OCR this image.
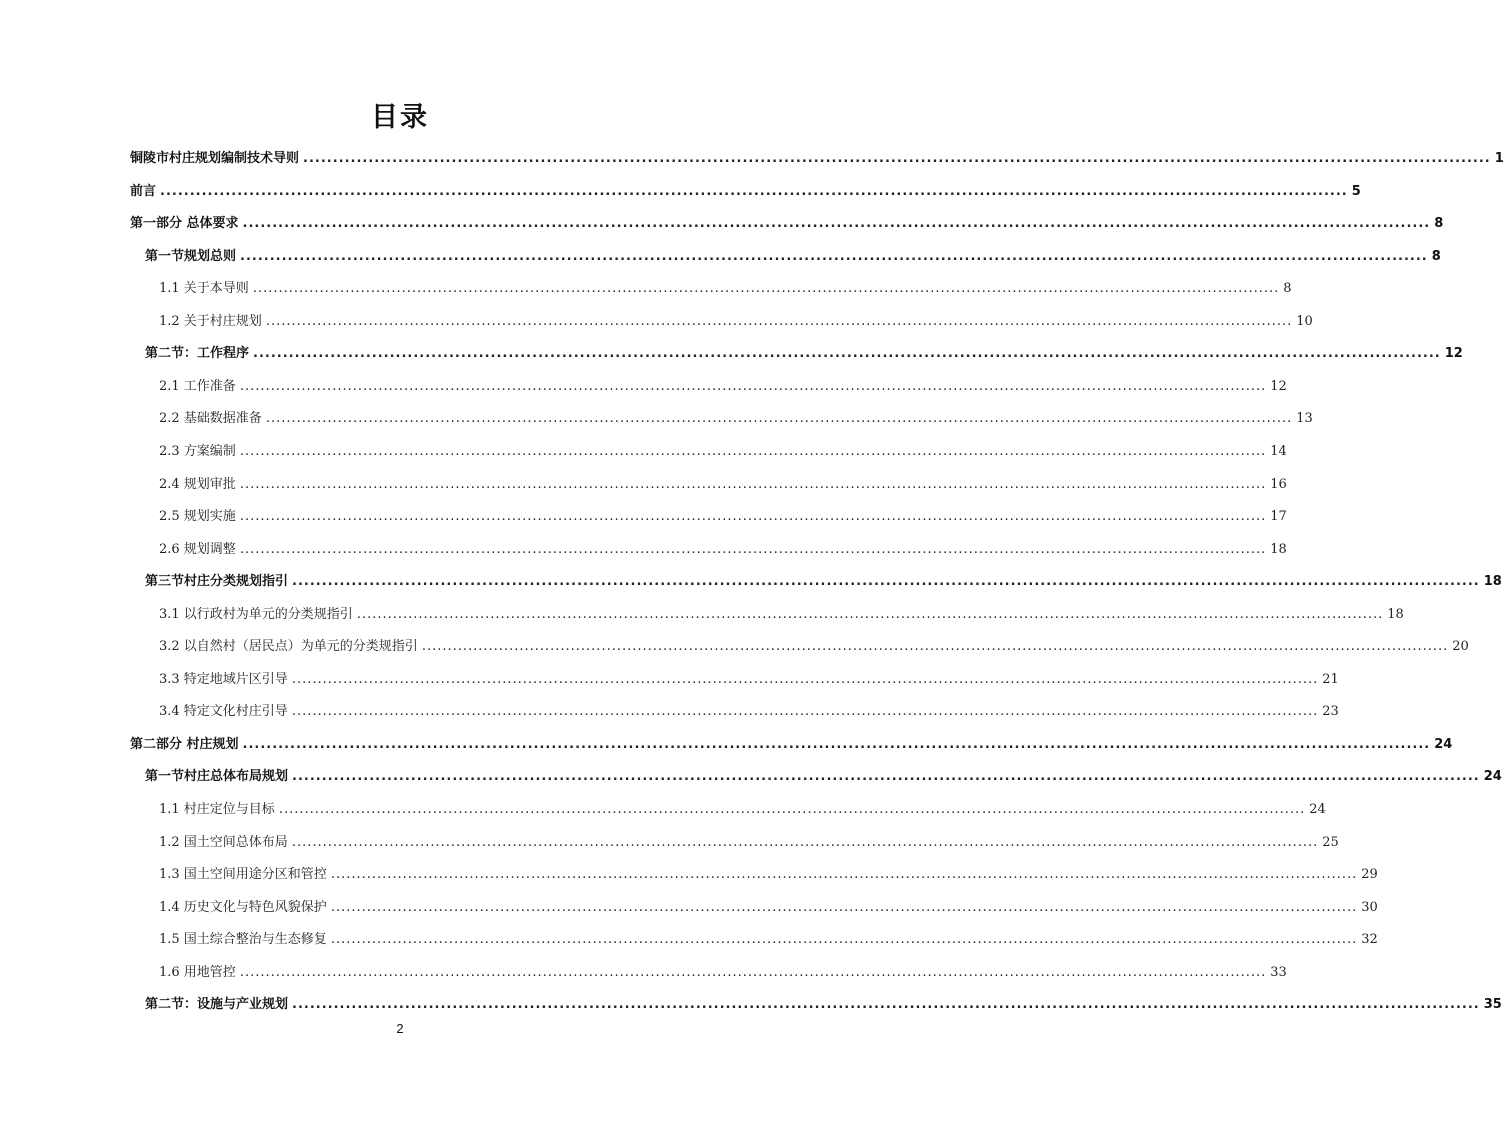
目录
铜陵市村庄规划编制技术导则 ........................................................................................................................................................................................................ 1
前言 ........................................................................................................................................................................................................ 5
第一部分 总体要求 ........................................................................................................................................................................................................ 8
第一节规划总则 ........................................................................................................................................................................................................ 8
1.1 关于本导则 ........................................................................................................................................................................................................ 8
1.2 关于村庄规划 ........................................................................................................................................................................................................ 10
第二节：工作程序 ........................................................................................................................................................................................................ 12
2.1 工作准备 ........................................................................................................................................................................................................ 12
2.2 基础数据准备 ........................................................................................................................................................................................................ 13
2.3 方案编制 ........................................................................................................................................................................................................ 14
2.4 规划审批 ........................................................................................................................................................................................................ 16
2.5 规划实施 ........................................................................................................................................................................................................ 17
2.6 规划调整 ........................................................................................................................................................................................................ 18
第三节村庄分类规划指引 ........................................................................................................................................................................................................ 18
3.1 以行政村为单元的分类规指引 ........................................................................................................................................................................................................ 18
3.2 以自然村（居民点）为单元的分类规指引 ........................................................................................................................................................................................................ 20
3.3 特定地域片区引导 ........................................................................................................................................................................................................ 21
3.4 特定文化村庄引导 ........................................................................................................................................................................................................ 23
第二部分 村庄规划 ........................................................................................................................................................................................................ 24
第一节村庄总体布局规划 ........................................................................................................................................................................................................ 24
1.1 村庄定位与目标 ........................................................................................................................................................................................................ 24
1.2 国土空间总体布局 ........................................................................................................................................................................................................ 25
1.3 国土空间用途分区和管控 ........................................................................................................................................................................................................ 29
1.4 历史文化与特色风貌保护 ........................................................................................................................................................................................................ 30
1.5 国土综合整治与生态修复 ........................................................................................................................................................................................................ 32
1.6 用地管控 ........................................................................................................................................................................................................ 33
第二节：设施与产业规划 ........................................................................................................................................................................................................ 35
2
